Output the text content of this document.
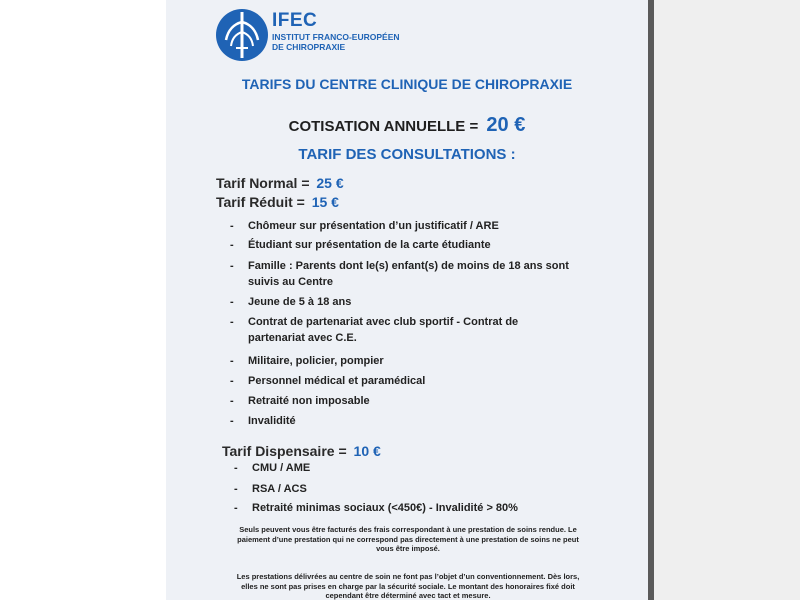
IFEC
INSTITUT FRANCO-EUROPÉEN
DE CHIROPRAXIE
TARIFS DU CENTRE CLINIQUE DE CHIROPRAXIE
COTISATION ANNUELLE = 20 €
TARIF DES CONSULTATIONS :
Tarif Normal = 25 €
Tarif Réduit = 15 €
- Chômeur sur présentation d’un justificatif / ARE
- Étudiant sur présentation de la carte étudiante
- Famille : Parents dont le(s) enfant(s) de moins de 18 ans sont suivis au Centre
- Jeune de 5 à 18 ans
- Contrat de partenariat avec club sportif - Contrat de partenariat avec C.E.
- Militaire, policier, pompier
- Personnel médical et paramédical
- Retraité non imposable
- Invalidité
Tarif Dispensaire = 10 €
- CMU / AME
- RSA / ACS
- Retraité minimas sociaux (<450€) - Invalidité > 80%
Seuls peuvent vous être facturés des frais correspondant à une prestation de soins rendue. Le paiement d’une prestation qui ne correspond pas directement à une prestation de soins ne peut vous être imposé.
Les prestations délivrées au centre de soin ne font pas l’objet d’un conventionnement. Dès lors, elles ne sont pas prises en charge par la sécurité sociale. Le montant des honoraires fixé doit cependant être déterminé avec tact et mesure.
